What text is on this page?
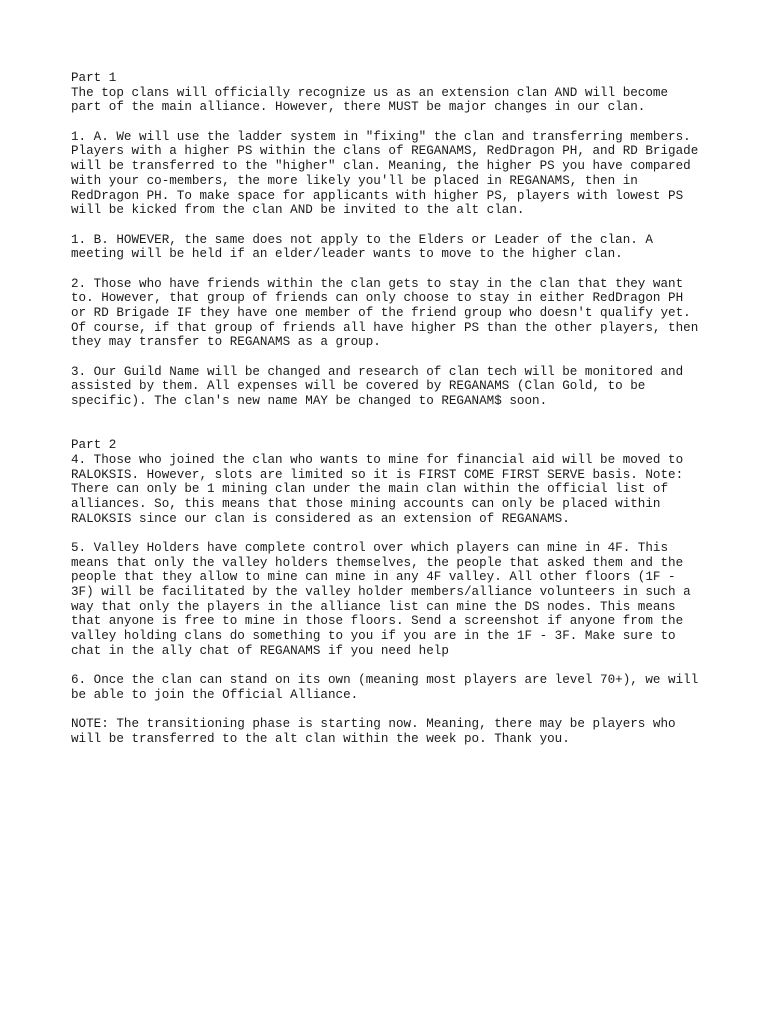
Part 1
The top clans will officially recognize us as an extension clan AND will become
part of the main alliance. However, there MUST be major changes in our clan.
1. A. We will use the ladder system in "fixing" the clan and transferring members.
Players with a higher PS within the clans of REGANAMS, RedDragon PH, and RD Brigade
will be transferred to the "higher" clan. Meaning, the higher PS you have compared
with your co-members, the more likely you'll be placed in REGANAMS, then in
RedDragon PH. To make space for applicants with higher PS, players with lowest PS
will be kicked from the clan AND be invited to the alt clan.
1. B. HOWEVER, the same does not apply to the Elders or Leader of the clan. A
meeting will be held if an elder/leader wants to move to the higher clan.
2. Those who have friends within the clan gets to stay in the clan that they want
to. However, that group of friends can only choose to stay in either RedDragon PH
or RD Brigade IF they have one member of the friend group who doesn't qualify yet.
Of course, if that group of friends all have higher PS than the other players, then
they may transfer to REGANAMS as a group.
3. Our Guild Name will be changed and research of clan tech will be monitored and
assisted by them. All expenses will be covered by REGANAMS (Clan Gold, to be
specific). The clan's new name MAY be changed to REGANAM$ soon.
Part 2
4. Those who joined the clan who wants to mine for financial aid will be moved to
RALOKSIS. However, slots are limited so it is FIRST COME FIRST SERVE basis. Note:
There can only be 1 mining clan under the main clan within the official list of
alliances. So, this means that those mining accounts can only be placed within
RALOKSIS since our clan is considered as an extension of REGANAMS.
5. Valley Holders have complete control over which players can mine in 4F. This
means that only the valley holders themselves, the people that asked them and the
people that they allow to mine can mine in any 4F valley. All other floors (1F -
3F) will be facilitated by the valley holder members/alliance volunteers in such a
way that only the players in the alliance list can mine the DS nodes. This means
that anyone is free to mine in those floors. Send a screenshot if anyone from the
valley holding clans do something to you if you are in the 1F - 3F. Make sure to
chat in the ally chat of REGANAMS if you need help
6. Once the clan can stand on its own (meaning most players are level 70+), we will
be able to join the Official Alliance.
NOTE: The transitioning phase is starting now. Meaning, there may be players who
will be transferred to the alt clan within the week po. Thank you.
